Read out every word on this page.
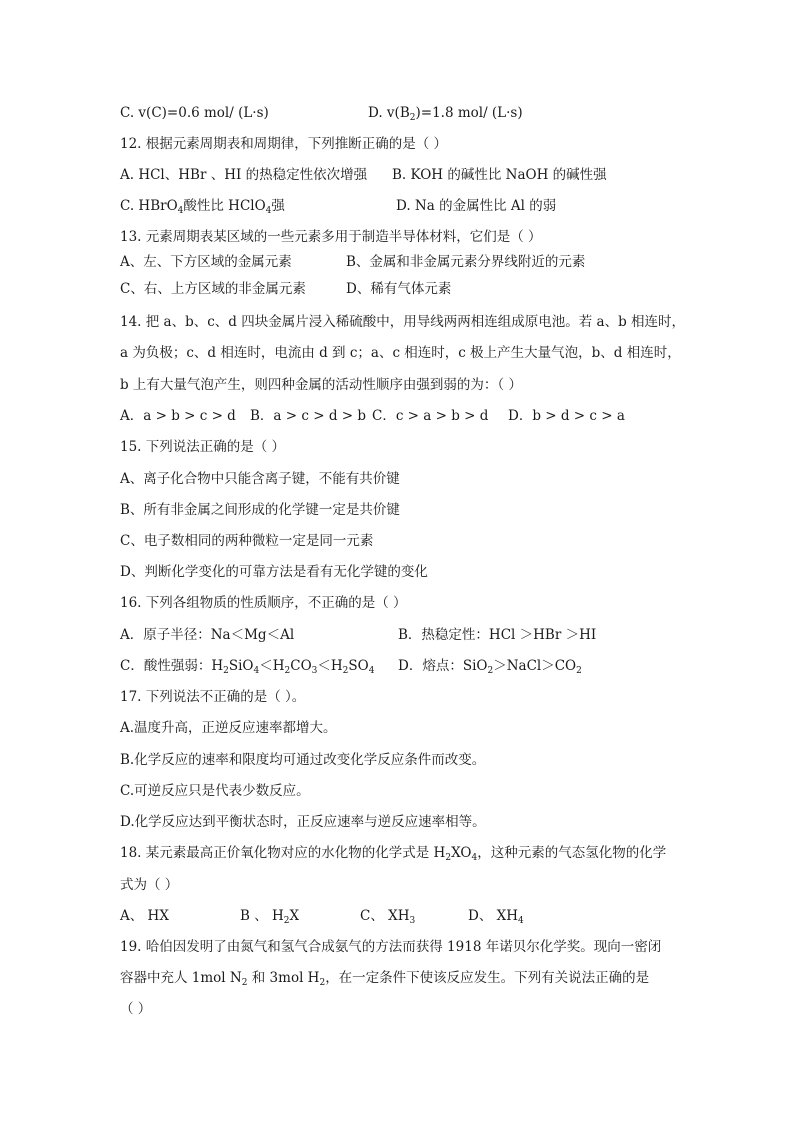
C. v(C)=0.6 mol/ (L·s)	D. $v(B_2)=1.8$ mol/ (L·s)
12. 根据元素周期表和周期律，下列推断正确的是（ ）
A. HCl、HBr 、HI 的热稳定性依次增强 B. KOH 的碱性比 NaOH 的碱性强
C. HBrO$_4$酸性比 HClO$_4$强	D. Na 的金属性比 Al 的弱
13. 元素周期表某区域的一些元素多用于制造半导体材料，它们是（ ）
A、左、下方区域的金属元素	B、金属和非金属元素分界线附近的元素
C、右、上方区域的非金属元素	D、稀有气体元素
14. 把 a、b、c、d 四块金属片浸入稀硫酸中，用导线两两相连组成原电池。若 a、b 相连时，
a 为负极；c、d 相连时，电流由 d 到 c；a、c 相连时，c 极上产生大量气泡，b、d 相连时，
b 上有大量气泡产生，则四种金属的活动性顺序由强到弱的为：（ ）
A．a > b > c > d B．a > c > d > b C．c > a > b > d D．b > d > c > a
15. 下列说法正确的是（ ）
A、离子化合物中只能含离子键，不能有共价键
B、所有非金属之间形成的化学键一定是共价键
C、电子数相同的两种微粒一定是同一元素
D、判断化学变化的可靠方法是看有无化学键的变化
16. 下列各组物质的性质顺序，不正确的是（ ）
A．原子半径：Na＜Mg＜Al	B．热稳定性：HCl ＞HBr ＞HI
C．酸性强弱：$H_2SiO_4<H_2CO_3<H_2SO_4$ D．熔点：$SiO_2>NaCl>CO_2$
17. 下列说法不正确的是（ ）。
A.温度升高，正逆反应速率都增大。
B.化学反应的速率和限度均可通过改变化学反应条件而改变。
C.可逆反应只是代表少数反应。
D.化学反应达到平衡状态时，正反应速率与逆反应速率相等。
18. 某元素最高正价氧化物对应的水化物的化学式是 $H_2XO_4$，这种元素的气态氢化物的化学
式为（ ）
A、 HX	B 、 $H_2X$	C、 $XH_3$	D、 $XH_4$
19. 哈伯因发明了由氮气和氢气合成氨气的方法而获得 1918 年诺贝尔化学奖。现向一密闭
容器中充人 1mol $N_2$ 和 3mol $H_2$，在一定条件下使该反应发生。下列有关说法正确的是
（ ）
